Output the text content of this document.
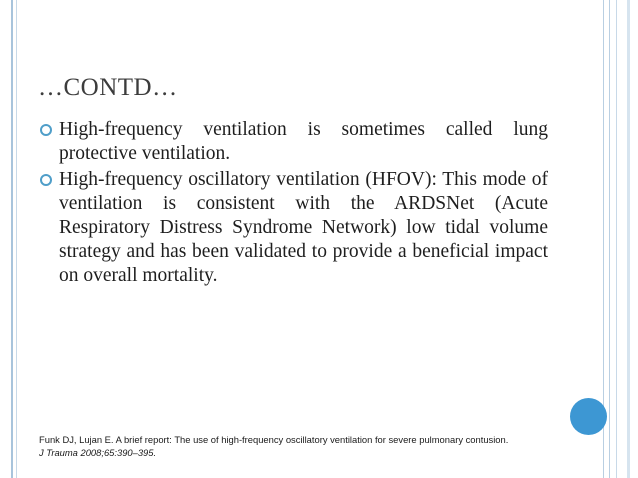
…CONTD…
High-frequency ventilation is sometimes called lung protective ventilation.
High-frequency oscillatory ventilation (HFOV): This mode of ventilation is consistent with the ARDSNet (Acute Respiratory Distress Syndrome Network) low tidal volume strategy and has been validated to provide a beneficial impact on overall mortality.
Funk DJ, Lujan E. A brief report: The use of high-frequency oscillatory ventilation for severe pulmonary contusion.
J Trauma 2008;65:390–395.
